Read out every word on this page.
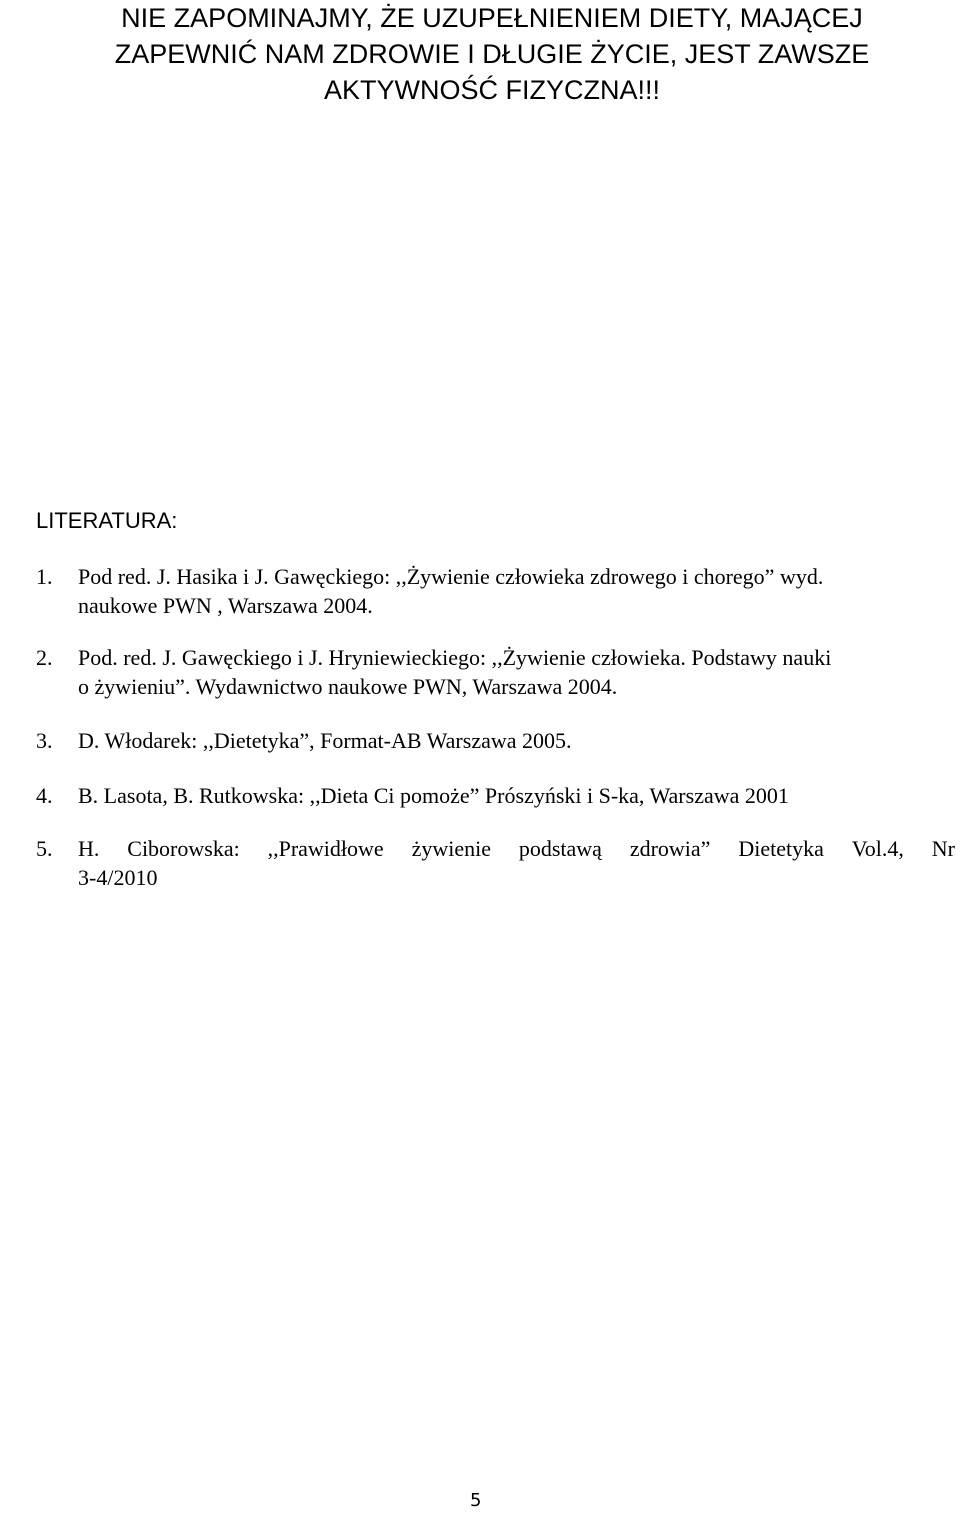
NIE ZAPOMINAJMY, ŻE UZUPEŁNIENIEM DIETY, MAJĄCEJ
ZAPEWNIĆ NAM ZDROWIE I DŁUGIE ŻYCIE, JEST ZAWSZE
AKTYWNOŚĆ FIZYCZNA!!!
LITERATURA:
1. Pod red. J. Hasika i J. Gawęckiego: ,,Żywienie człowieka zdrowego i chorego” wyd.
naukowe PWN , Warszawa 2004.
2. Pod. red. J. Gawęckiego i J. Hryniewieckiego: ,,Żywienie człowieka. Podstawy nauki
o żywieniu”. Wydawnictwo naukowe PWN, Warszawa 2004.
3. D. Włodarek: ,,Dietetyka”, Format-AB Warszawa 2005.
4. B. Lasota, B. Rutkowska: ,,Dieta Ci pomoże” Prószyński i S-ka, Warszawa 2001
5.	H. Ciborowska: ,,Prawidłowe żywienie podstawą zdrowia” Dietetyka Vol.4, Nr
3-4/2010
5
